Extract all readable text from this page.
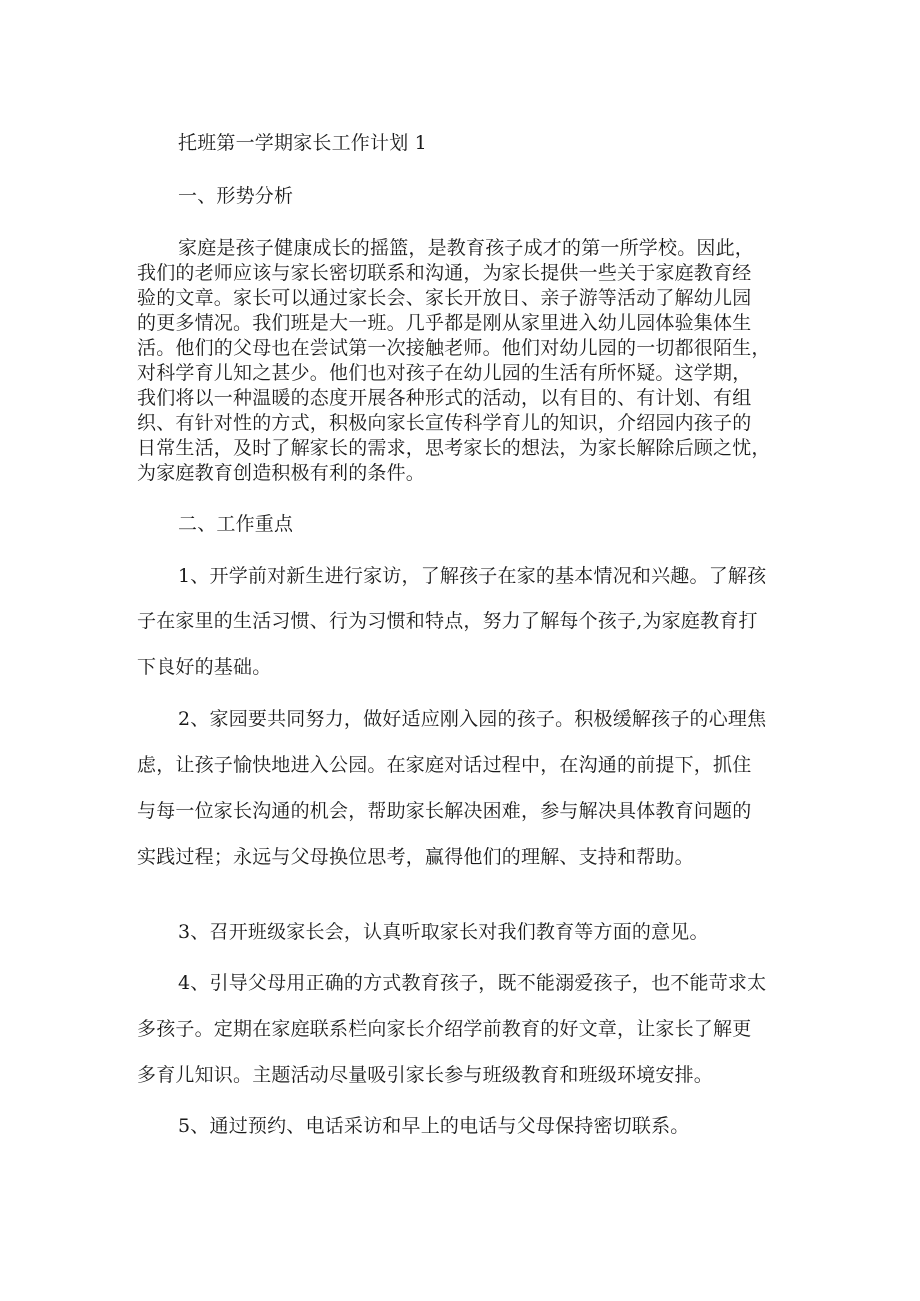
托班第一学期家长工作计划 1
一、形势分析
家庭是孩子健康成长的摇篮，是教育孩子成才的第一所学校。因此，
我们的老师应该与家长密切联系和沟通，为家长提供一些关于家庭教育经
验的文章。家长可以通过家长会、家长开放日、亲子游等活动了解幼儿园
的更多情况。我们班是大一班。几乎都是刚从家里进入幼儿园体验集体生
活。他们的父母也在尝试第一次接触老师。他们对幼儿园的一切都很陌生，
对科学育儿知之甚少。他们也对孩子在幼儿园的生活有所怀疑。这学期，
我们将以一种温暖的态度开展各种形式的活动，以有目的、有计划、有组
织、有针对性的方式，积极向家长宣传科学育儿的知识，介绍园内孩子的
日常生活，及时了解家长的需求，思考家长的想法，为家长解除后顾之忧，
为家庭教育创造积极有利的条件。
二、工作重点
1、开学前对新生进行家访，了解孩子在家的基本情况和兴趣。了解孩
子在家里的生活习惯、行为习惯和特点，努力了解每个孩子,为家庭教育打
下良好的基础。
2、家园要共同努力，做好适应刚入园的孩子。积极缓解孩子的心理焦
虑，让孩子愉快地进入公园。在家庭对话过程中，在沟通的前提下，抓住
与每一位家长沟通的机会，帮助家长解决困难，参与解决具体教育问题的
实践过程；永远与父母换位思考，赢得他们的理解、支持和帮助。
3、召开班级家长会，认真听取家长对我们教育等方面的意见。
4、引导父母用正确的方式教育孩子，既不能溺爱孩子，也不能苛求太
多孩子。定期在家庭联系栏向家长介绍学前教育的好文章，让家长了解更
多育儿知识。主题活动尽量吸引家长参与班级教育和班级环境安排。
5、通过预约、电话采访和早上的电话与父母保持密切联系。
